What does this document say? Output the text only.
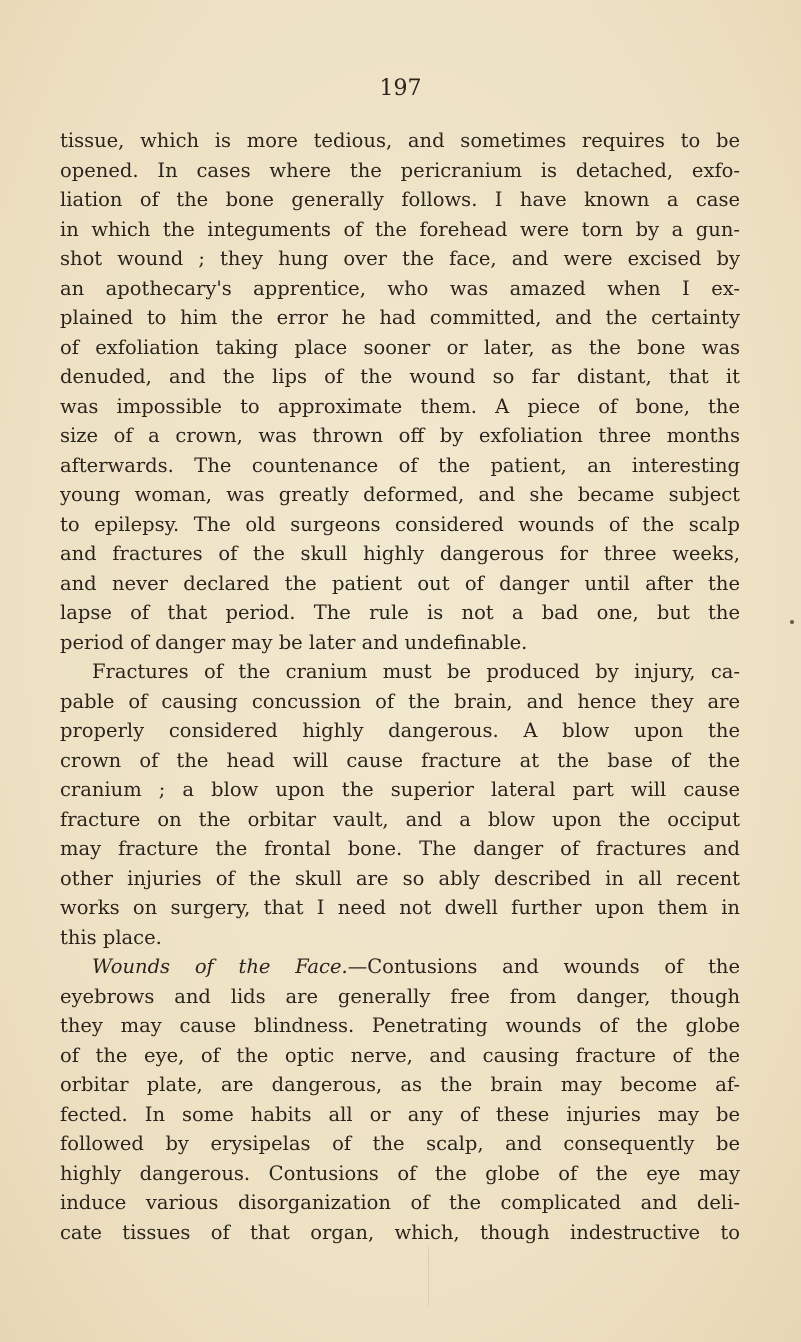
197
tissue, which is more tedious, and sometimes requires to be
opened. In cases where the pericranium is detached, exfo-
liation of the bone generally follows. I have known a case
in which the integuments of the forehead were torn by a gun-
shot wound ; they hung over the face, and were excised by
an apothecary's apprentice, who was amazed when I ex-
plained to him the error he had committed, and the certainty
of exfoliation taking place sooner or later, as the bone was
denuded, and the lips of the wound so far distant, that it
was impossible to approximate them. A piece of bone, the
size of a crown, was thrown off by exfoliation three months
afterwards. The countenance of the patient, an interesting
young woman, was greatly deformed, and she became subject
to epilepsy. The old surgeons considered wounds of the scalp
and fractures of the skull highly dangerous for three weeks,
and never declared the patient out of danger until after the
lapse of that period. The rule is not a bad one, but the
period of danger may be later and undefinable.
Fractures of the cranium must be produced by injury, ca-
pable of causing concussion of the brain, and hence they are
properly considered highly dangerous. A blow upon the
crown of the head will cause fracture at the base of the
cranium ; a blow upon the superior lateral part will cause
fracture on the orbitar vault, and a blow upon the occiput
may fracture the frontal bone. The danger of fractures and
other injuries of the skull are so ably described in all recent
works on surgery, that I need not dwell further upon them in
this place.
Wounds of the Face.—Contusions and wounds of the
eyebrows and lids are generally free from danger, though
they may cause blindness. Penetrating wounds of the globe
of the eye, of the optic nerve, and causing fracture of the
orbitar plate, are dangerous, as the brain may become af-
fected. In some habits all or any of these injuries may be
followed by erysipelas of the scalp, and consequently be
highly dangerous. Contusions of the globe of the eye may
induce various disorganization of the complicated and deli-
cate tissues of that organ, which, though indestructive to
